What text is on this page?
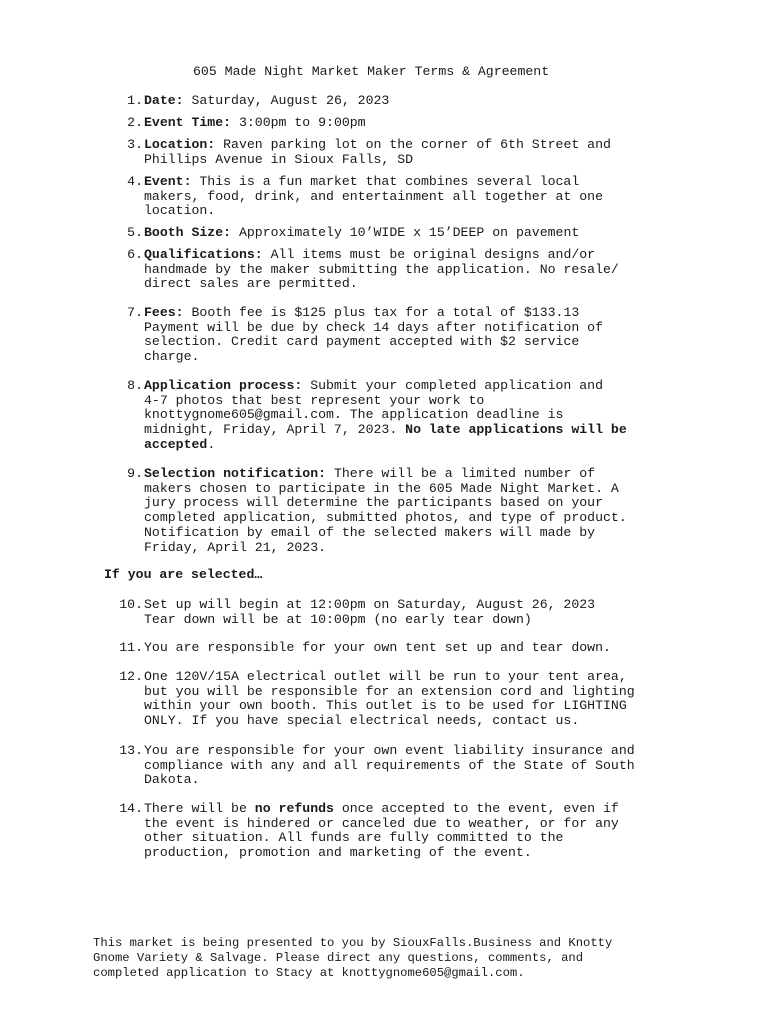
605 Made Night Market Maker Terms & Agreement
1. Date: Saturday, August 26, 2023
2. Event Time: 3:00pm to 9:00pm
3. Location: Raven parking lot on the corner of 6th Street and
Phillips Avenue in Sioux Falls, SD
4. Event: This is a fun market that combines several local
makers, food, drink, and entertainment all together at one
location.
5. Booth Size: Approximately 10’WIDE x 15’DEEP on pavement
6. Qualifications: All items must be original designs and/or
handmade by the maker submitting the application. No resale/
direct sales are permitted.
7. Fees: Booth fee is $125 plus tax for a total of $133.13
Payment will be due by check 14 days after notification of
selection. Credit card payment accepted with $2 service
charge.
8. Application process: Submit your completed application and
4-7 photos that best represent your work to
knottygnome605@gmail.com. The application deadline is
midnight, Friday, April 7, 2023. No late applications will be
accepted.
9. Selection notification: There will be a limited number of
makers chosen to participate in the 605 Made Night Market. A
jury process will determine the participants based on your
completed application, submitted photos, and type of product.
Notification by email of the selected makers will made by
Friday, April 21, 2023.
If you are selected…
10. Set up will begin at 12:00pm on Saturday, August 26, 2023
Tear down will be at 10:00pm (no early tear down)
11. You are responsible for your own tent set up and tear down.
12. One 120V/15A electrical outlet will be run to your tent area,
but you will be responsible for an extension cord and lighting
within your own booth. This outlet is to be used for LIGHTING
ONLY. If you have special electrical needs, contact us.
13. You are responsible for your own event liability insurance and
compliance with any and all requirements of the State of South
Dakota.
14. There will be no refunds once accepted to the event, even if
the event is hindered or canceled due to weather, or for any
other situation. All funds are fully committed to the
production, promotion and marketing of the event.
This market is being presented to you by SiouxFalls.Business and Knotty
Gnome Variety & Salvage. Please direct any questions, comments, and
completed application to Stacy at knottygnome605@gmail.com.
